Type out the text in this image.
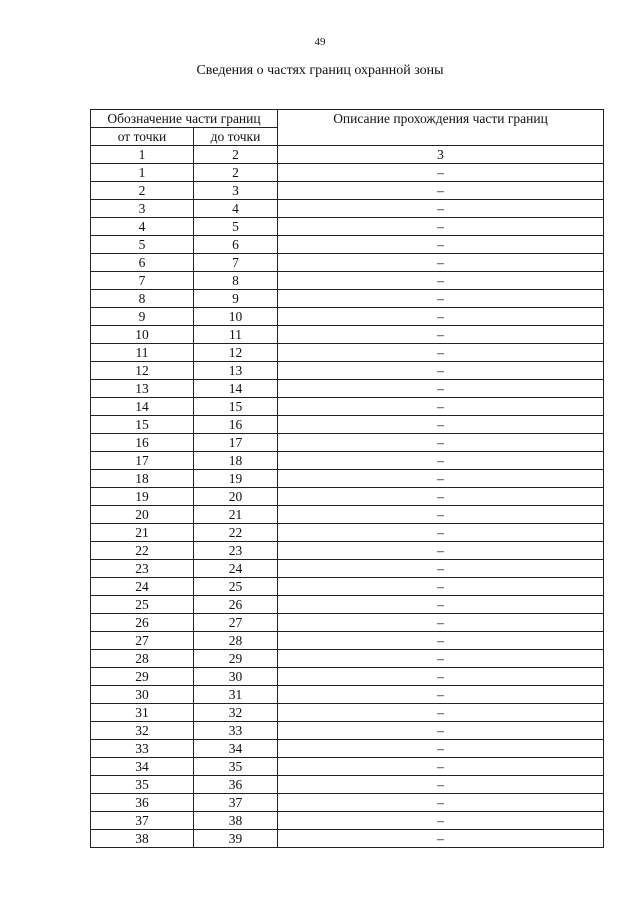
49
Сведения о частях границ охранной зоны
Обозначение части границ		Описание прохождения части границ
от точки	до точки	
1	2	3
1	2	–
2	3	–
3	4	–
4	5	–
5	6	–
6	7	–
7	8	–
8	9	–
9	10	–
10	11	–
11	12	–
12	13	–
13	14	–
14	15	–
15	16	–
16	17	–
17	18	–
18	19	–
19	20	–
20	21	–
21	22	–
22	23	–
23	24	–
24	25	–
25	26	–
26	27	–
27	28	–
28	29	–
29	30	–
30	31	–
31	32	–
32	33	–
33	34	–
34	35	–
35	36	–
36	37	–
37	38	–
38	39	–
